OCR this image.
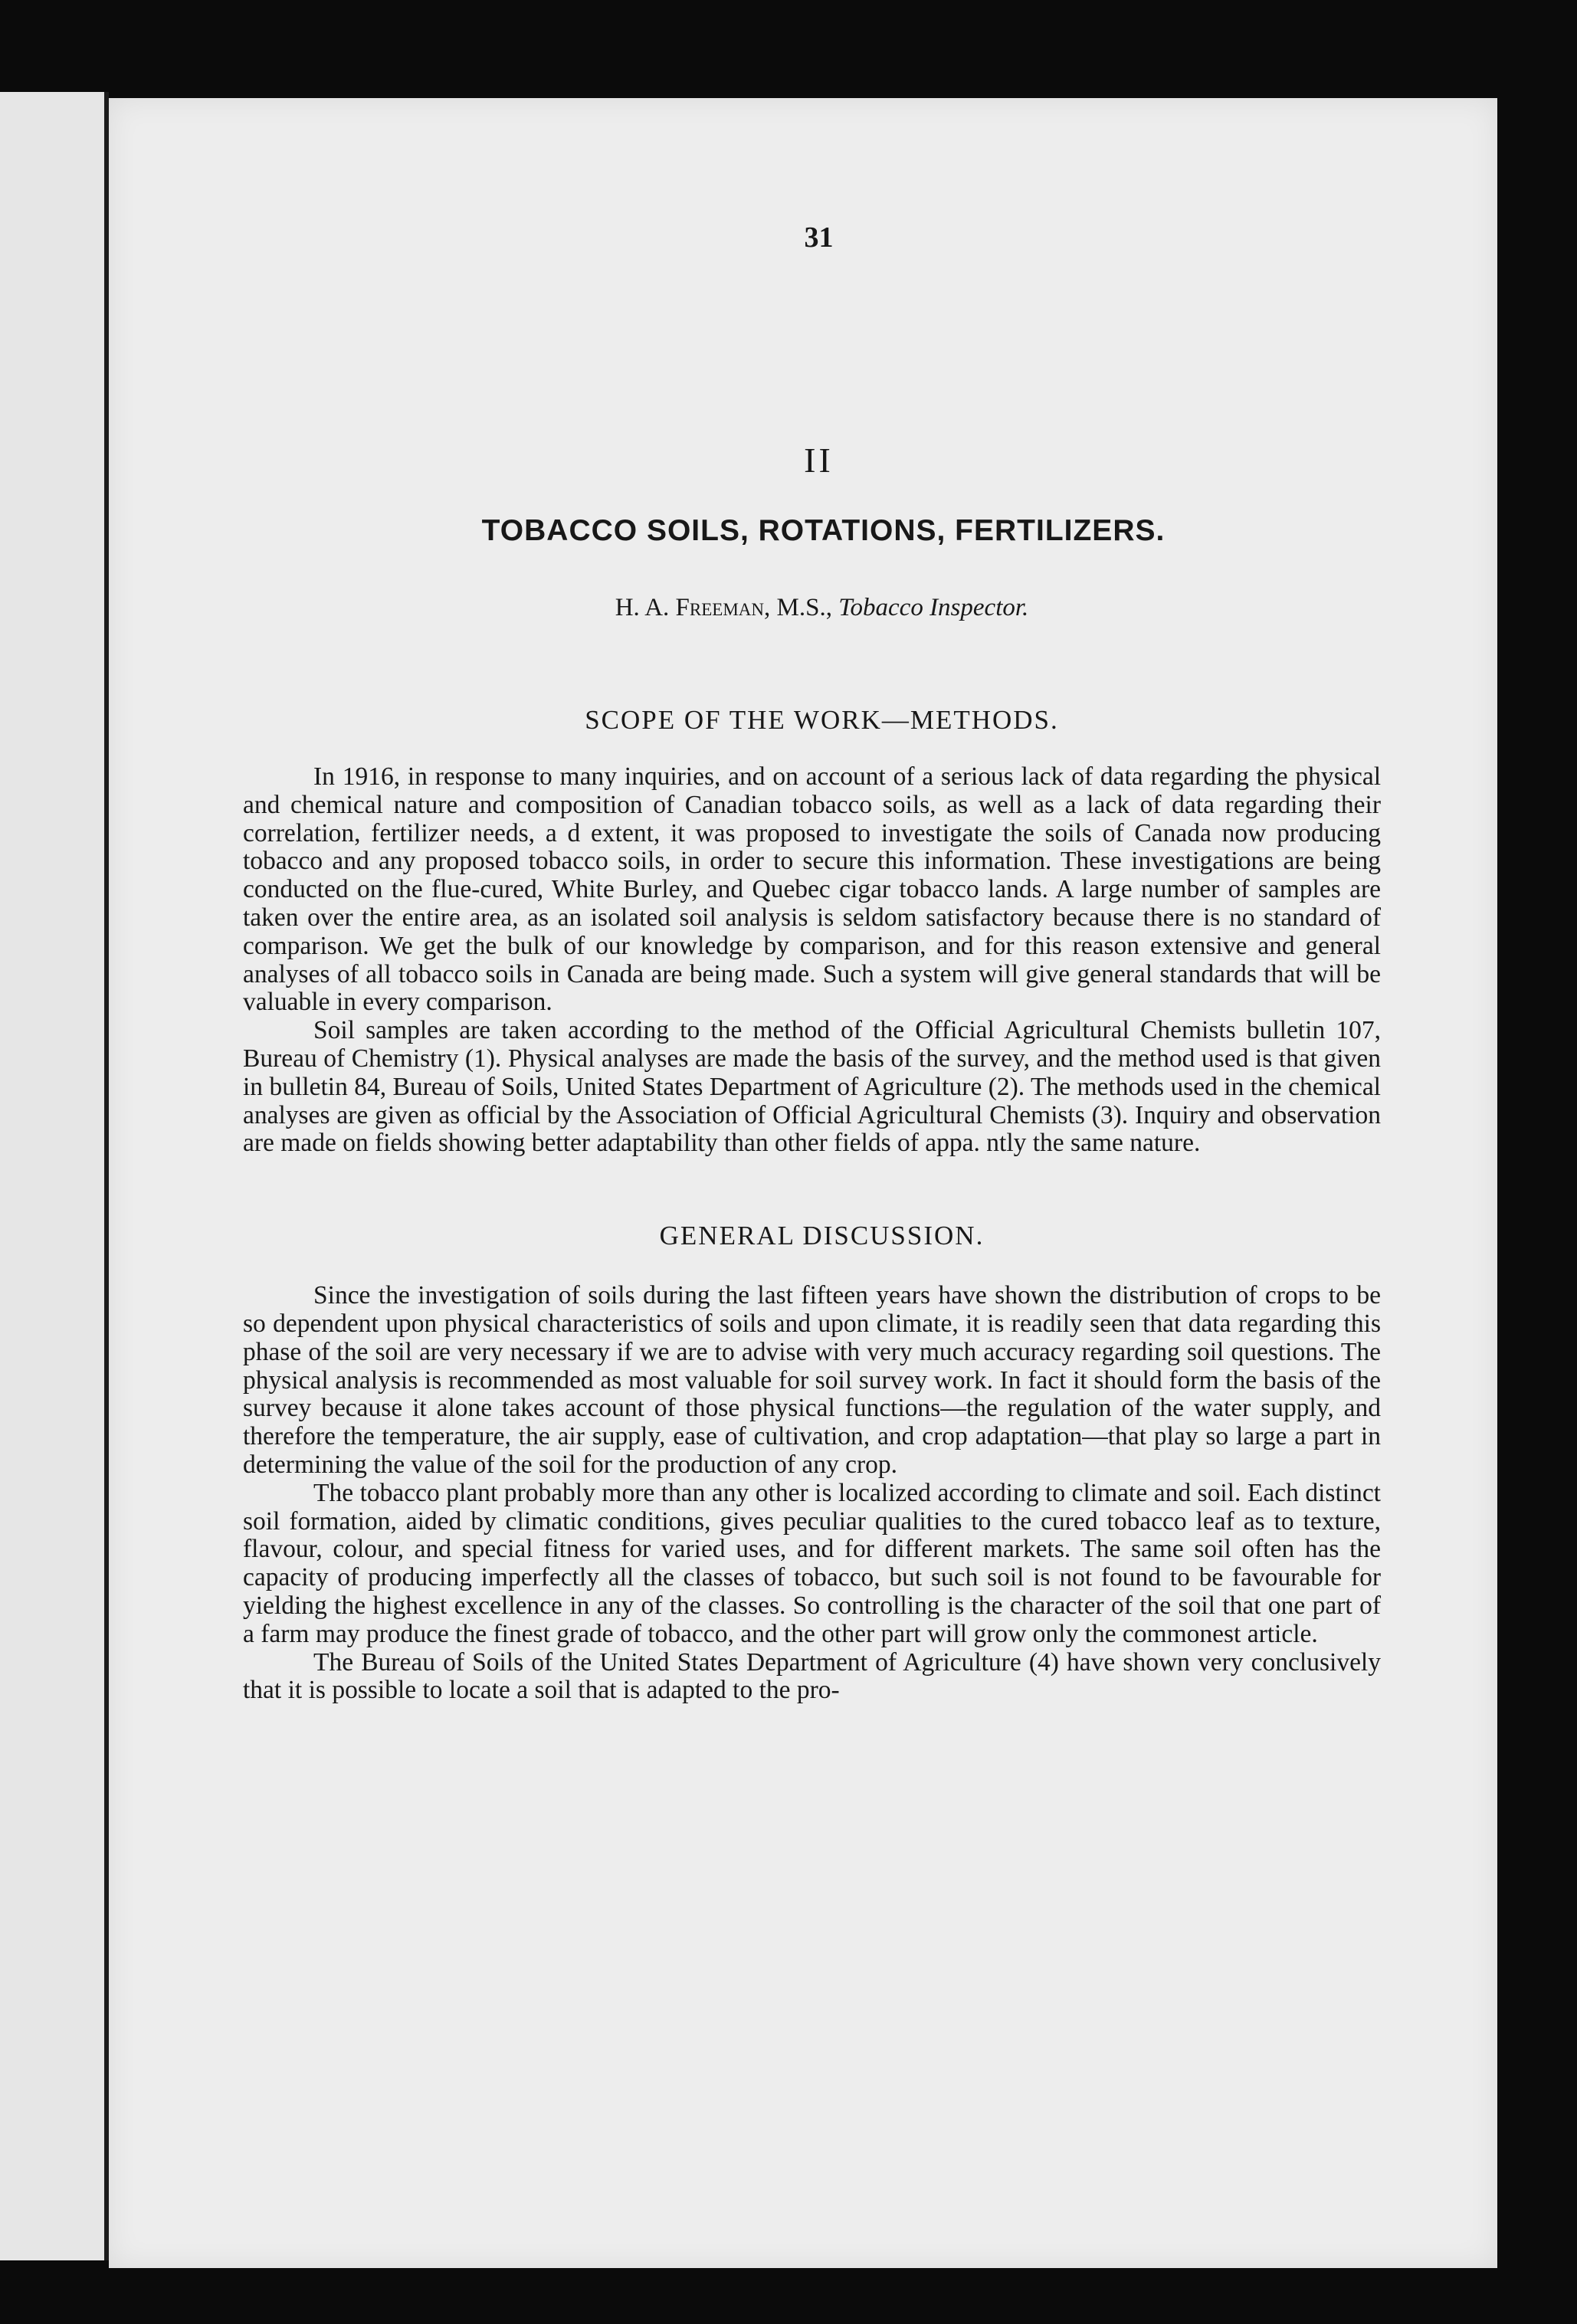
31

II
TOBACCO SOILS, ROTATIONS, FERTILIZERS.
H. A. Freeman, M.S., Tobacco Inspector.
SCOPE OF THE WORK—METHODS.

In 1916, in response to many inquiries, and on account of a serious lack of data regarding the physical and chemical nature and composition of Canadian tobacco soils, as well as a lack of data regarding their correlation, fertilizer needs, a d extent, it was proposed to investigate the soils of Canada now producing tobacco and any proposed tobacco soils, in order to secure this information. These investigations are being conducted on the flue-cured, White Burley, and Quebec cigar tobacco lands. A large number of samples are taken over the entire area, as an isolated soil analysis is seldom satisfactory because there is no standard of comparison. We get the bulk of our knowledge by comparison, and for this reason extensive and general analyses of all tobacco soils in Canada are being made. Such a system will give general standards that will be valuable in every comparison.

Soil samples are taken according to the method of the Official Agricultural Chemists bulletin 107, Bureau of Chemistry (1). Physical analyses are made the basis of the survey, and the method used is that given in bulletin 84, Bureau of Soils, United States Department of Agriculture (2). The methods used in the chemical analyses are given as official by the Association of Official Agricultural Chemists (3). Inquiry and observation are made on fields showing better adaptability than other fields of appa. ntly the same nature.

GENERAL DISCUSSION.

Since the investigation of soils during the last fifteen years have shown the distribution of crops to be so dependent upon physical characteristics of soils and upon climate, it is readily seen that data regarding this phase of the soil are very necessary if we are to advise with very much accuracy regarding soil questions. The physical analysis is recommended as most valuable for soil survey work. In fact it should form the basis of the survey because it alone takes account of those physical functions—the regulation of the water supply, and therefore the temperature, the air supply, ease of cultivation, and crop adaptation—that play so large a part in determining the value of the soil for the production of any crop.

The tobacco plant probably more than any other is localized according to climate and soil. Each distinct soil formation, aided by climatic conditions, gives peculiar qualities to the cured tobacco leaf as to texture, flavour, colour, and special fitness for varied uses, and for different markets. The same soil often has the capacity of producing imperfectly all the classes of tobacco, but such soil is not found to be favourable for yielding the highest excellence in any of the classes. So controlling is the character of the soil that one part of a farm may produce the finest grade of tobacco, and the other part will grow only the commonest article.

The Bureau of Soils of the United States Department of Agriculture (4) have shown very conclusively that it is possible to locate a soil that is adapted to the pro-
